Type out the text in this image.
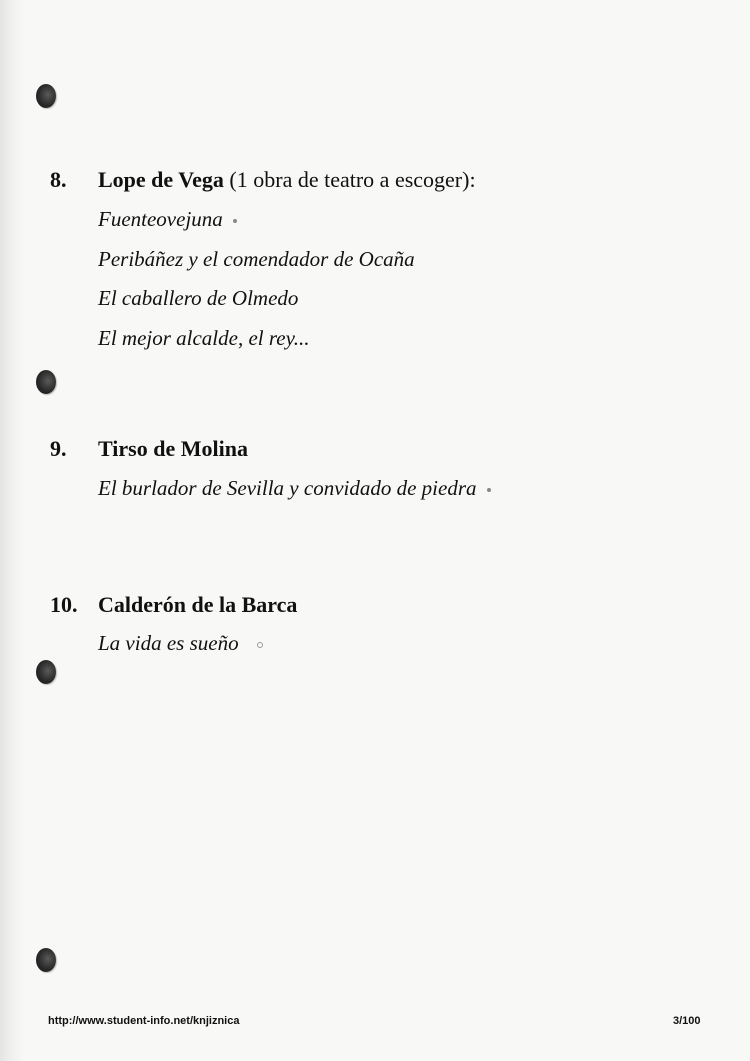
8. Lope de Vega (1 obra de teatro a escoger):
Fuenteovejuna
Peribáñez y el comendador de Ocaña
El caballero de Olmedo
El mejor alcalde, el rey...
9. Tirso de Molina
El burlador de Sevilla y convidado de piedra
10. Calderón de la Barca
La vida es sueño
http://www.student-info.net/knjiznica	3/100
